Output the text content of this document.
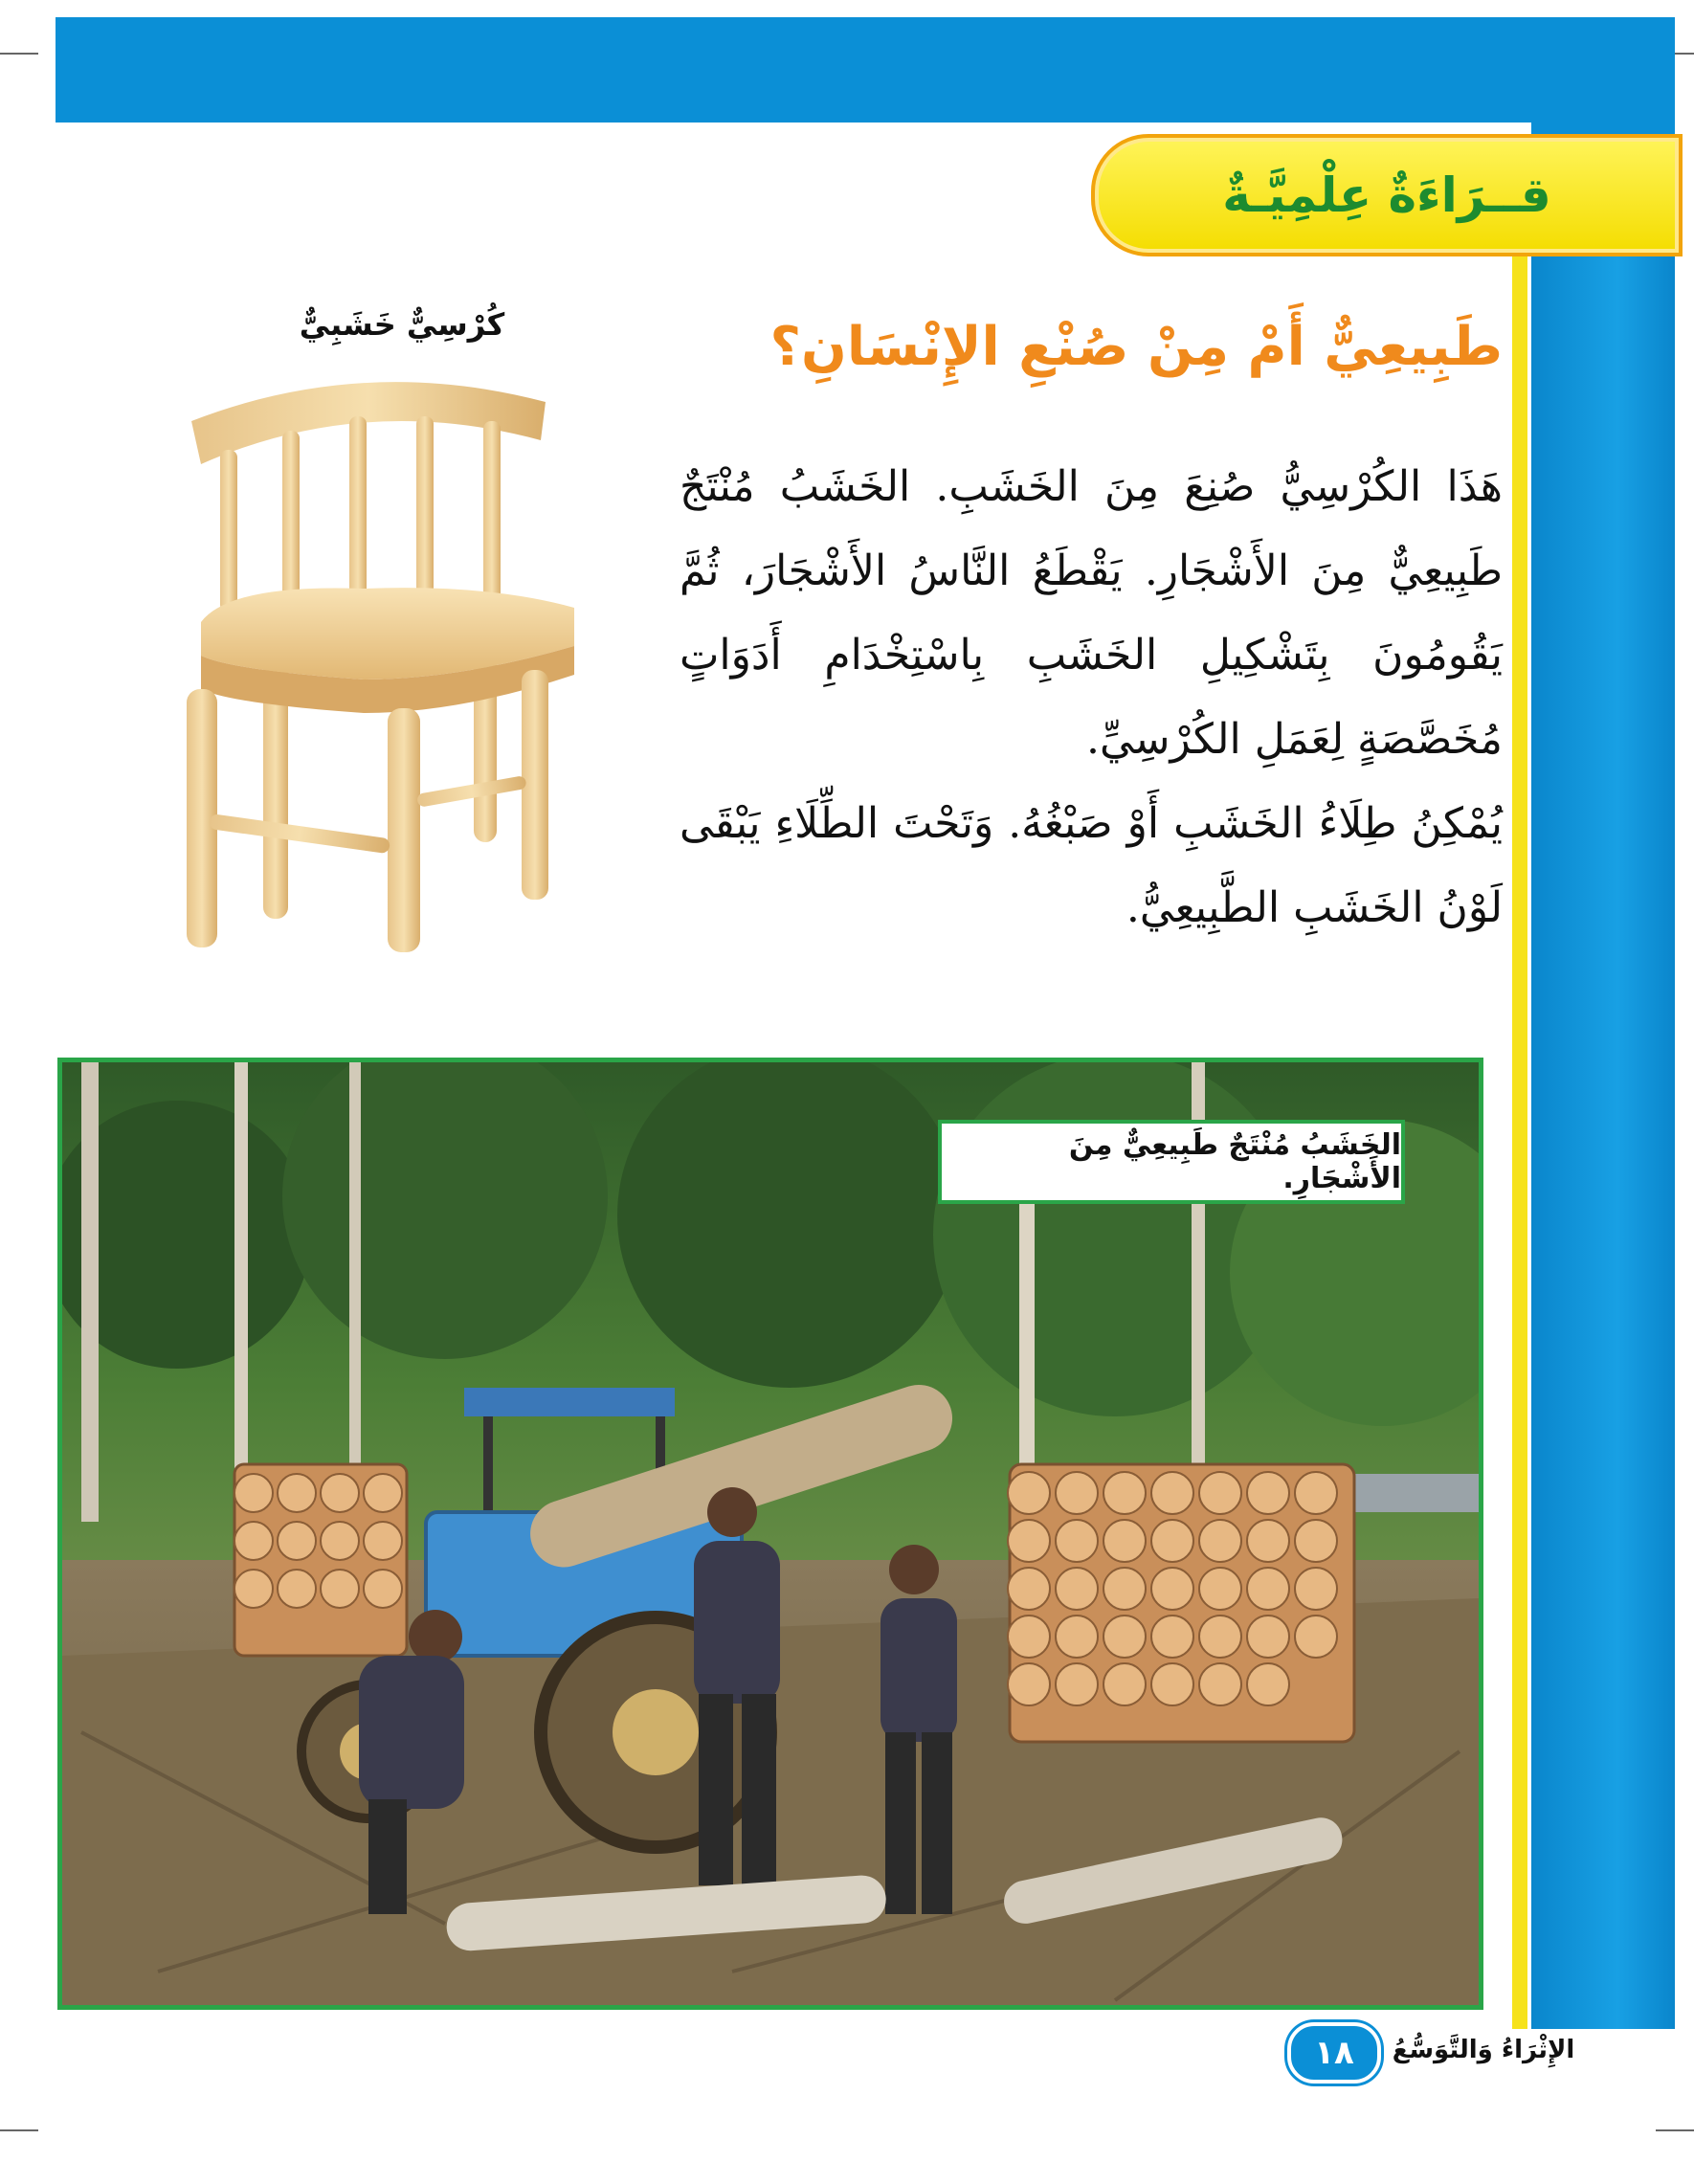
قــرَاءَةٌ عِلْمِيَّـةٌ
طَبِيعِيٌّ أَمْ مِنْ صُنْعِ الإِنْسَانِ؟
كُرْسِيٌّ خَشَبِيٌّ

هَذَا الكُرْسِيُّ صُنِعَ مِنَ الخَشَبِ. الخَشَبُ مُنْتَجٌ طَبِيعِيٌّ مِنَ الأَشْجَارِ. يَقْطَعُ النَّاسُ الأَشْجَارَ، ثُمَّ يَقُومُونَ بِتَشْكِيلِ الخَشَبِ بِاسْتِخْدَامِ أَدَوَاتٍ مُخَصَّصَةٍ لِعَمَلِ الكُرْسِيِّ.

يُمْكِنُ طِلَاءُ الخَشَبِ أَوْ صَبْغُهُ. وَتَحْتَ الطِّلَاءِ يَبْقَى لَوْنُ الخَشَبِ الطَّبِيعِيُّ.

الخَشَبُ مُنْتَجٌ طَبِيعِيٌّ مِنَ الأَشْجَارِ.
الإِثْرَاءُ وَالتَّوَسُّعُ
١٨
